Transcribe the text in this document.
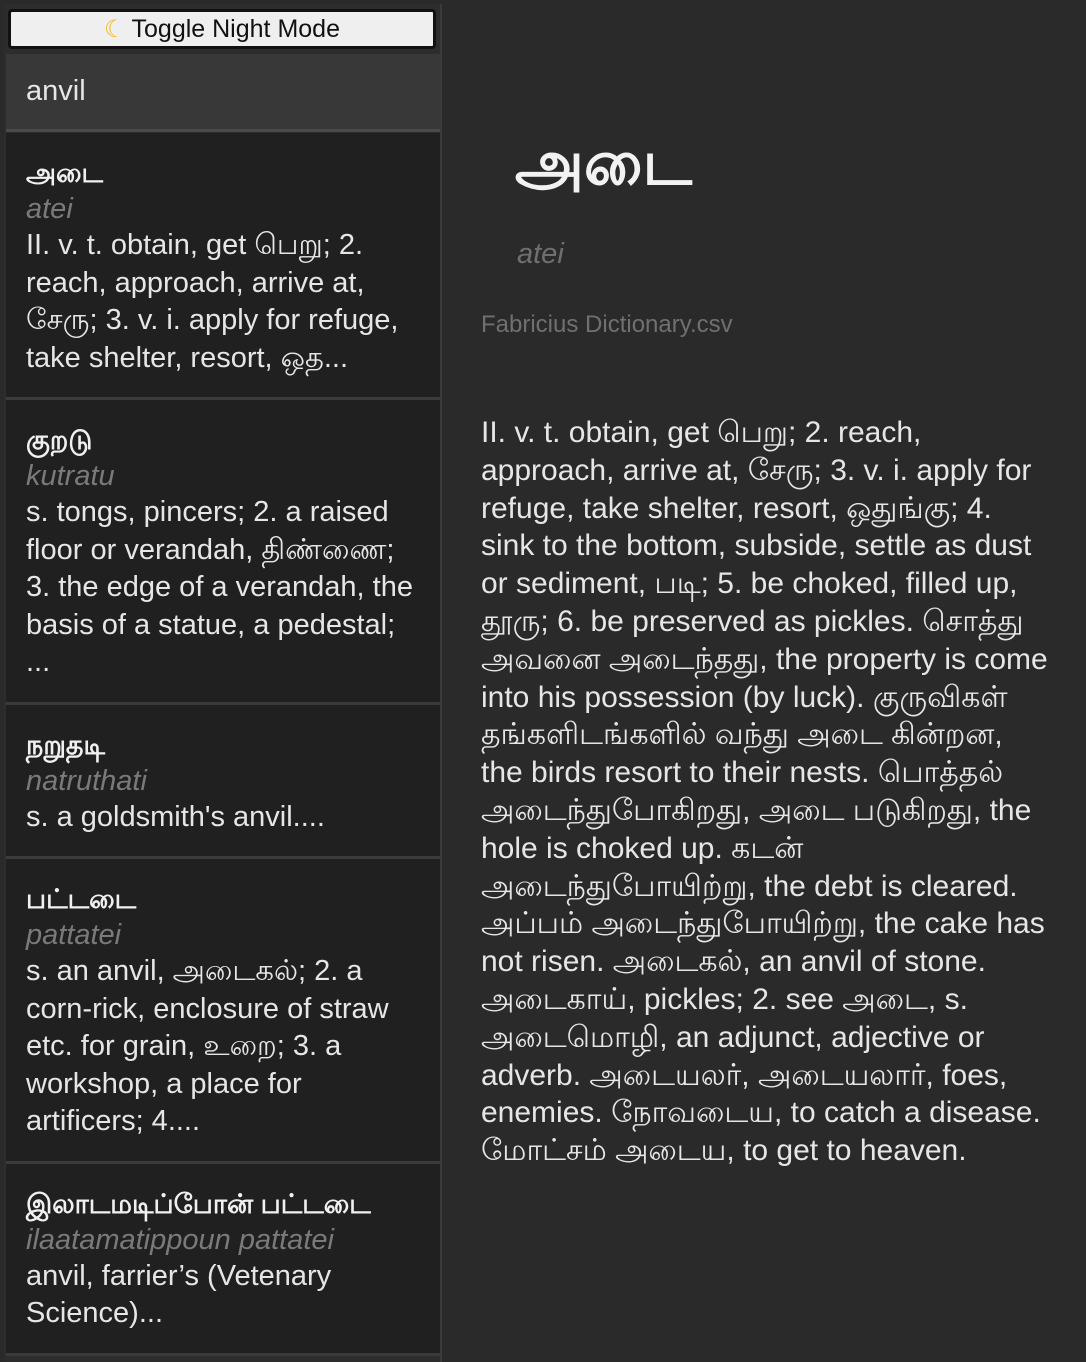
☾ Toggle Night Mode
anvil
அடை
atei
II. v. t. obtain, get பெறு; 2. reach, approach, arrive at, சேரு; 3. v. i. apply for refuge, take shelter, resort, ஒத...
குறடு
kutratu
s. tongs, pincers; 2. a raised floor or verandah, திண்ணை; 3. the edge of a verandah, the basis of a statue, a pedestal; ...
நறுதடி
natruthati
s. a goldsmith's anvil....
பட்டடை
pattatei
s. an anvil, அடைகல்; 2. a corn-rick, enclosure of straw etc. for grain, உறை; 3. a workshop, a place for artificers; 4....
இலாடமடிப்போன் பட்டடை
ilaatamatippoun pattatei
anvil, farrier’s (Vetenary Science)...
அடை
atei
Fabricius Dictionary.csv
II. v. t. obtain, get பெறு; 2. reach, approach, arrive at, சேரு; 3. v. i. apply for refuge, take shelter, resort, ஒதுங்கு; 4. sink to the bottom, subside, settle as dust or sediment, படி; 5. be choked, filled up, தூரு; 6. be preserved as pickles. சொத்து அவனை அடைந்தது, the property is come into his possession (by luck). குருவிகள் தங்களிடங்களில் வந்து அடை கின்றன, the birds resort to their nests. பொத்தல் அடைந்துபோகிறது, அடை படுகிறது, the hole is choked up. கடன் அடைந்துபோயிற்று, the debt is cleared. அப்பம் அடைந்துபோயிற்று, the cake has not risen. அடைகல், an anvil of stone. அடைகாய், pickles; 2. see அடை, s. அடைமொழி, an adjunct, adjective or adverb. அடையலர், அடையலார், foes, enemies. நோவடைய, to catch a disease. மோட்சம் அடைய, to get to heaven.
